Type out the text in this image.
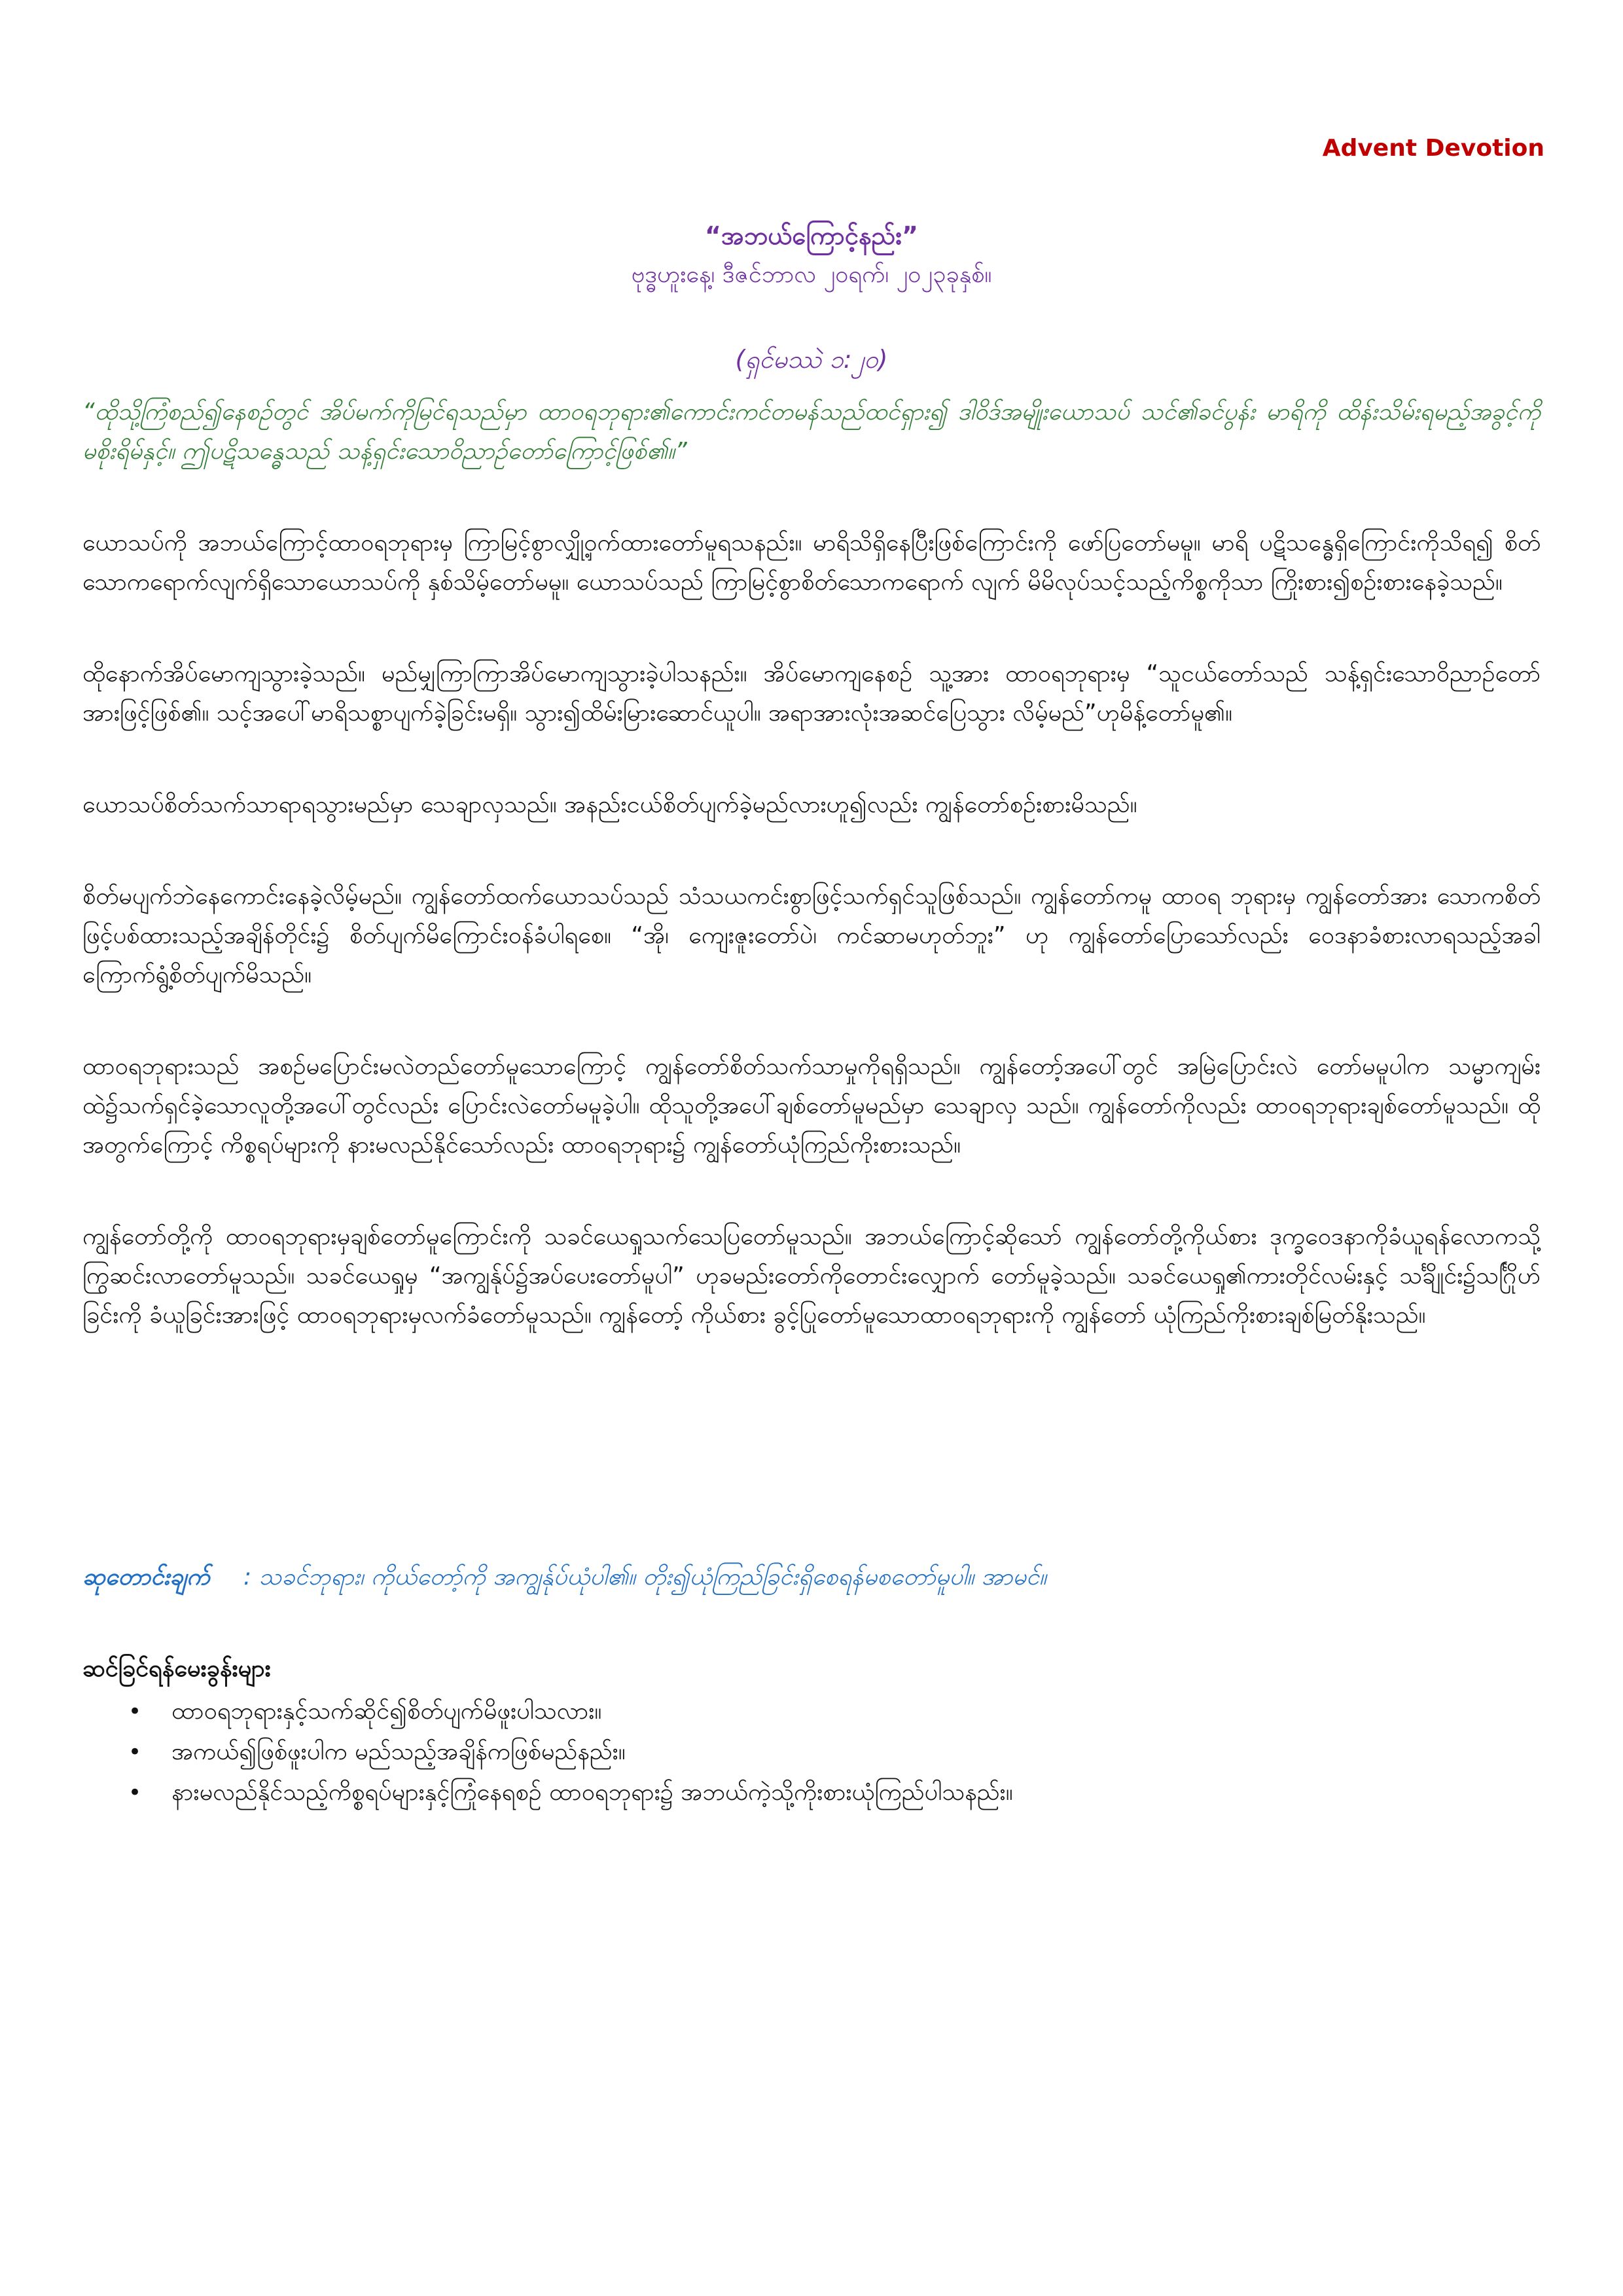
Advent Devotion
“အဘယ်ကြောင့်နည်း”
ဗုဒ္ဓဟူးနေ့၊ ဒီဇင်ဘာလ ၂၀ရက်၊ ၂၀၂၃ခုနှစ်။
(ရှင်မဿဲ ၁:၂၀)
“ထိုသို့ကြံစည်၍နေစဉ်တွင် အိပ်မက်ကိုမြင်ရသည်မှာ ထာဝရဘုရား၏ကောင်းကင်တမန်သည်ထင်ရှား၍ ဒါဝိဒ်အမျိုးယောသပ် သင်၏ခင်ပွန်း မာရိကို ထိန်းသိမ်းရမည့်အခွင့်ကို မစိုးရိမ်နှင့်။ ဤပဋိသန္ဓေသည် သန့်ရှင်းသောဝိညာဉ်တော်ကြောင့်ဖြစ်၏။”

ယောသပ်ကို အဘယ်ကြောင့်ထာဝရဘုရားမှ ကြာမြင့်စွာလျှို့ဝှက်ထားတော်မူရသနည်း။ မာရိသိရှိနေပြီးဖြစ်ကြောင်းကို ဖော်ပြတော်မမူ။ မာရိ ပဋိသန္ဓေရှိကြောင်းကိုသိရ၍ စိတ်သောကရောက်လျက်ရှိသောယောသပ်ကို နှစ်သိမ့်တော်မမူ။ ယောသပ်သည် ကြာမြင့်စွာစိတ်သောကရောက် လျက် မိမိလုပ်သင့်သည့်ကိစ္စကိုသာ ကြိုးစား၍စဉ်းစားနေခဲ့သည်။

ထိုနောက်အိပ်မောကျသွားခဲ့သည်။ မည်မျှကြာကြာအိပ်မောကျသွားခဲ့ပါသနည်း။ အိပ်မောကျနေစဉ် သူ့အား ထာဝရဘုရားမှ “သူငယ်တော်သည် သန့်ရှင်းသောဝိညာဉ်တော်အားဖြင့်ဖြစ်၏။ သင့်အပေါ်မာရိသစ္စာပျက်ခဲ့ခြင်းမရှိ။ သွား၍ထိမ်းမြားဆောင်ယူပါ။ အရာအားလုံးအဆင်ပြေသွား လိမ့်မည်”ဟုမိန့်တော်မူ၏။

ယောသပ်စိတ်သက်သာရာရသွားမည်မှာ သေချာလှသည်။ အနည်းငယ်စိတ်ပျက်ခဲ့မည်လားဟူ၍လည်း ကျွန်တော်စဉ်းစားမိသည်။

စိတ်မပျက်ဘဲနေကောင်းနေခဲ့လိမ့်မည်။ ကျွန်တော်ထက်ယောသပ်သည် သံသယကင်းစွာဖြင့်သက်ရှင်သူဖြစ်သည်။ ကျွန်တော်ကမူ ထာဝရ ဘုရားမှ ကျွန်တော်အား သောကစိတ်ဖြင့်ပစ်ထားသည့်အချိန်တိုင်း၌ စိတ်ပျက်မိကြောင်းဝန်ခံပါရစေ။ “အို၊ ကျေးဇူးတော်ပဲ၊ ကင်ဆာမဟုတ်ဘူး” ဟု ကျွန်တော်ပြောသော်လည်း ဝေဒနာခံစားလာရသည့်အခါ ကြောက်ရွံ့စိတ်ပျက်မိသည်။

ထာဝရဘုရားသည် အစဉ်မပြောင်းမလဲတည်တော်မူသောကြောင့် ကျွန်တော်စိတ်သက်သာမှုကိုရရှိသည်။ ကျွန်တော့်အပေါ်တွင် အမြဲပြောင်းလဲ တော်မမူပါက သမ္မာကျမ်းထဲ၌သက်ရှင်ခဲ့သောလူတို့အပေါ်တွင်လည်း ပြောင်းလဲတော်မမူခဲ့ပါ။ ထိုသူတို့အပေါ်ချစ်တော်မူမည်မှာ သေချာလှ သည်။ ကျွန်တော်ကိုလည်း ထာဝရဘုရားချစ်တော်မူသည်။ ထိုအတွက်ကြောင့် ကိစ္စရပ်များကို နားမလည်နိုင်သော်လည်း ထာဝရဘုရား၌ ကျွန်တော်ယုံကြည်ကိုးစားသည်။

ကျွန်တော်တို့ကို ထာဝရဘုရားမှချစ်တော်မူကြောင်းကို သခင်ယေရှုသက်သေပြတော်မူသည်။ အဘယ်ကြောင့်ဆိုသော် ကျွန်တော်တို့ကိုယ်စား ဒုက္ခဝေဒနာကိုခံယူရန်လောကသို့ ကြွဆင်းလာတော်မူသည်။ သခင်ယေရှုမှ “အကျွန်ုပ်၌အပ်ပေးတော်မူပါ” ဟုခမည်းတော်ကိုတောင်းလျှောက် တော်မူခဲ့သည်။ သခင်ယေရှု၏ကားတိုင်လမ်းနှင့် သင်္ချိုင်း၌သင်္ဂြိုဟ်ခြင်းကို ခံယူခြင်းအားဖြင့် ထာဝရဘုရားမှလက်ခံတော်မူသည်။ ကျွန်တော့် ကိုယ်စား ခွင့်ပြုတော်မူသောထာဝရဘုရားကို ကျွန်တော် ယုံကြည်ကိုးစားချစ်မြတ်နိုးသည်။

ဆုတောင်းချက် : သခင်ဘုရား၊ ကိုယ်တော့်ကို အကျွန်ုပ်ယုံပါ၏။ တိုး၍ယုံကြည်ခြင်းရှိစေရန်မစတော်မူပါ။ အာမင်။
ဆင်ခြင်ရန်မေးခွန်းများ
• ထာဝရဘုရားနှင့်သက်ဆိုင်၍စိတ်ပျက်မိဖူးပါသလား။
• အကယ်၍ဖြစ်ဖူးပါက မည်သည့်အချိန်ကဖြစ်မည်နည်း။
• နားမလည်နိုင်သည့်ကိစ္စရပ်များနှင့်ကြုံနေရစဉ် ထာဝရဘုရား၌ အဘယ်ကဲ့သို့ကိုးစားယုံကြည်ပါသနည်း။
